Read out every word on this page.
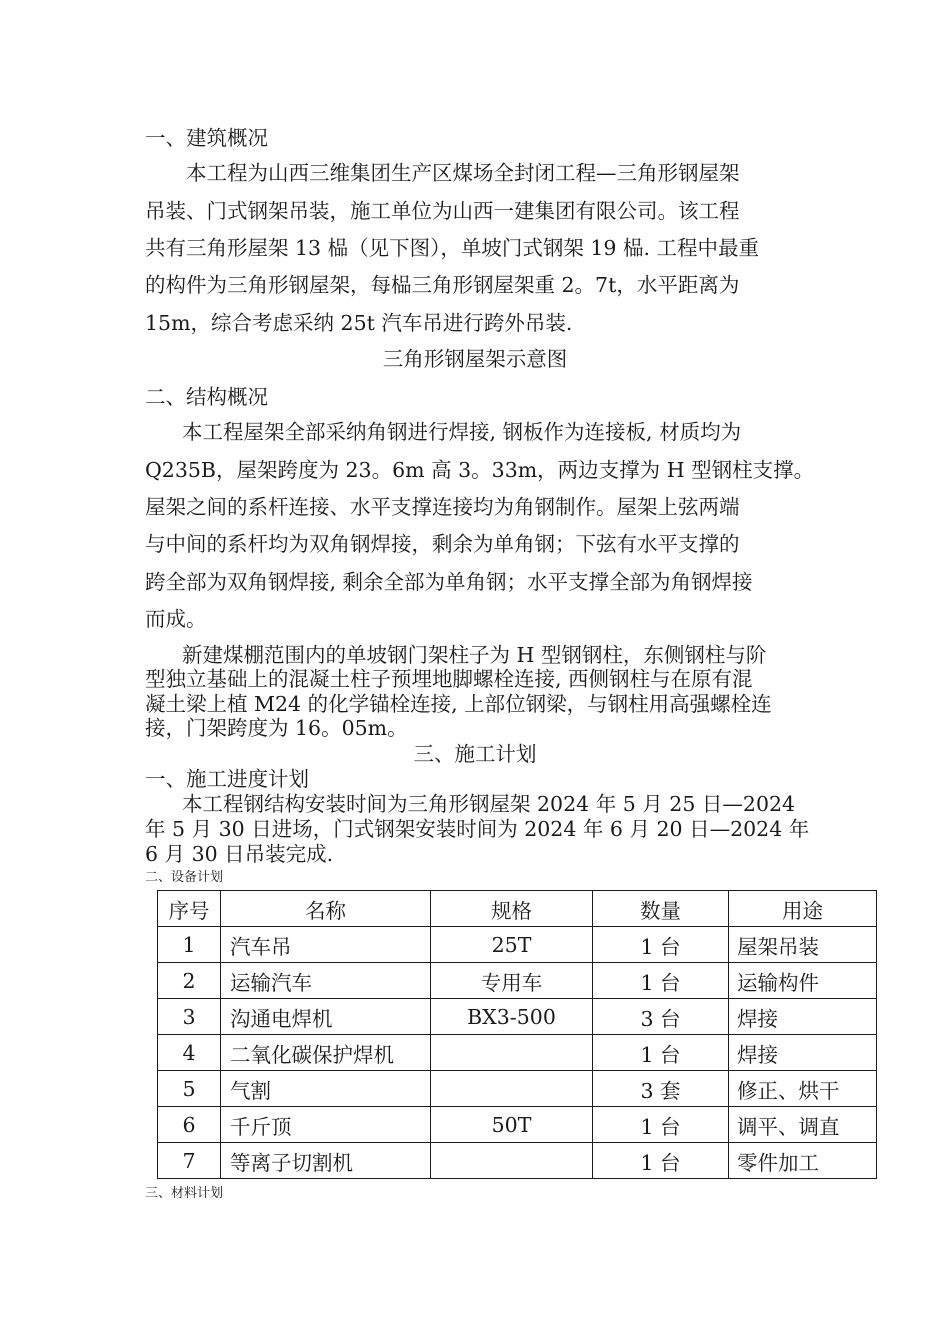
一、建筑概况
本工程为山西三维集团生产区煤场全封闭工程—三角形钢屋架
吊装、门式钢架吊装，施工单位为山西一建集团有限公司。该工程
共有三角形屋架 13 榀（见下图），单坡门式钢架 19 榀. 工程中最重
的构件为三角形钢屋架，每榀三角形钢屋架重 2。7t，水平距离为
15m，综合考虑采纳 25t 汽车吊进行跨外吊装.
三角形钢屋架示意图
二、结构概况
本工程屋架全部采纳角钢进行焊接, 钢板作为连接板, 材质均为
Q235B，屋架跨度为 23。6m 高 3。33m，两边支撑为 H 型钢柱支撑。
屋架之间的系杆连接、水平支撑连接均为角钢制作。屋架上弦两端
与中间的系杆均为双角钢焊接，剩余为单角钢；下弦有水平支撑的
跨全部为双角钢焊接, 剩余全部为单角钢；水平支撑全部为角钢焊接
而成。
新建煤棚范围内的单坡钢门架柱子为 H 型钢钢柱，东侧钢柱与阶
型独立基础上的混凝土柱子预埋地脚螺栓连接, 西侧钢柱与在原有混
凝土梁上植 M24 的化学锚栓连接, 上部位钢梁，与钢柱用高强螺栓连
接，门架跨度为 16。05m。
三、施工计划
一、施工进度计划
本工程钢结构安装时间为三角形钢屋架 2024 年 5 月 25 日—2024
年 5 月 30 日进场，门式钢架安装时间为 2024 年 6 月 20 日—2024 年
6 月 30 日吊装完成.
二、设备计划
序号	名称	规格	数量	用途
1	汽车吊	25T	1 台	屋架吊装
2	运输汽车	专用车	1 台	运输构件
3	沟通电焊机	BX3-500	3 台	焊接
4	二氧化碳保护焊机		1 台	焊接
5	气割		3 套	修正、烘干
6	千斤顶	50T	1 台	调平、调直
7	等离子切割机		1 台	零件加工
三、材料计划
